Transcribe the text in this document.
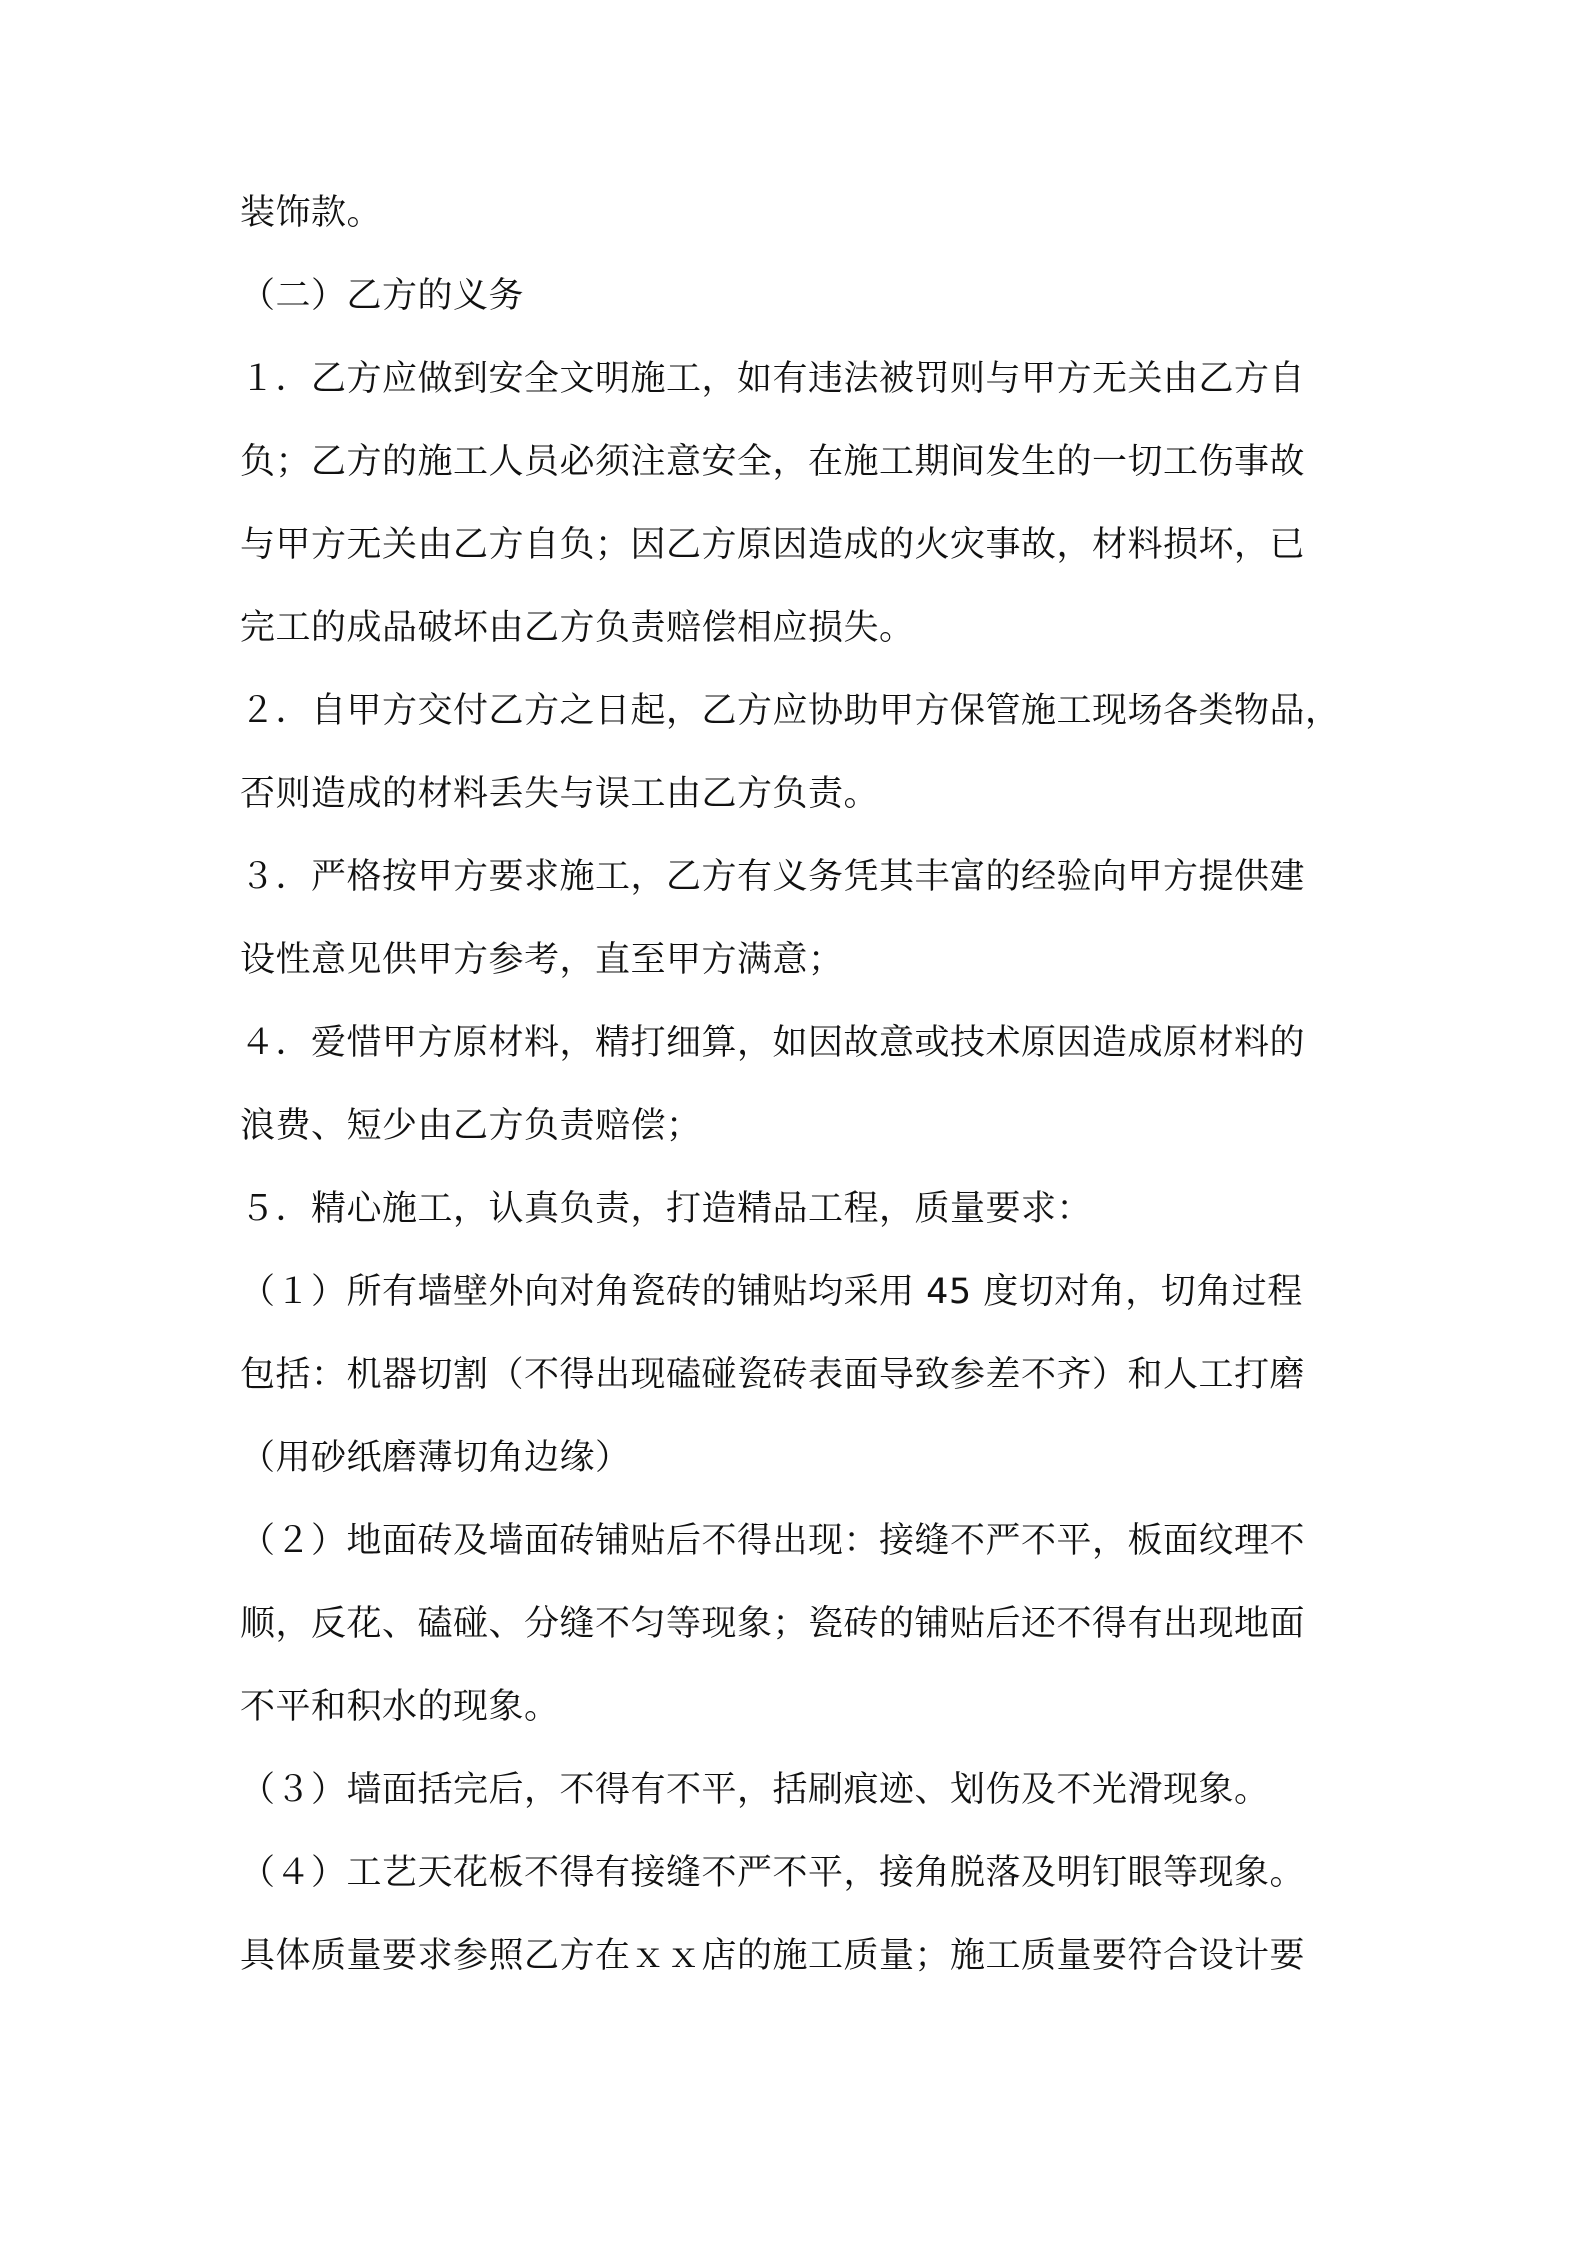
装饰款。
（二）乙方的义务
１．乙方应做到安全文明施工，如有违法被罚则与甲方无关由乙方自
负；乙方的施工人员必须注意安全，在施工期间发生的一切工伤事故
与甲方无关由乙方自负；因乙方原因造成的火灾事故，材料损坏，已
完工的成品破坏由乙方负责赔偿相应损失。
２．自甲方交付乙方之日起，乙方应协助甲方保管施工现场各类物品，
否则造成的材料丢失与误工由乙方负责。
３．严格按甲方要求施工，乙方有义务凭其丰富的经验向甲方提供建
设性意见供甲方参考，直至甲方满意；
４．爱惜甲方原材料，精打细算，如因故意或技术原因造成原材料的
浪费、短少由乙方负责赔偿；
５．精心施工，认真负责，打造精品工程，质量要求：
（１）所有墙壁外向对角瓷砖的铺贴均采用 45 度切对角，切角过程
包括：机器切割（不得出现磕碰瓷砖表面导致参差不齐）和人工打磨
（用砂纸磨薄切角边缘）
（２）地面砖及墙面砖铺贴后不得出现：接缝不严不平，板面纹理不
顺，反花、磕碰、分缝不匀等现象；瓷砖的铺贴后还不得有出现地面
不平和积水的现象。
（３）墙面括完后，不得有不平，括刷痕迹、划伤及不光滑现象。
（４）工艺天花板不得有接缝不严不平，接角脱落及明钉眼等现象。
具体质量要求参照乙方在ｘｘ店的施工质量；施工质量要符合设计要
